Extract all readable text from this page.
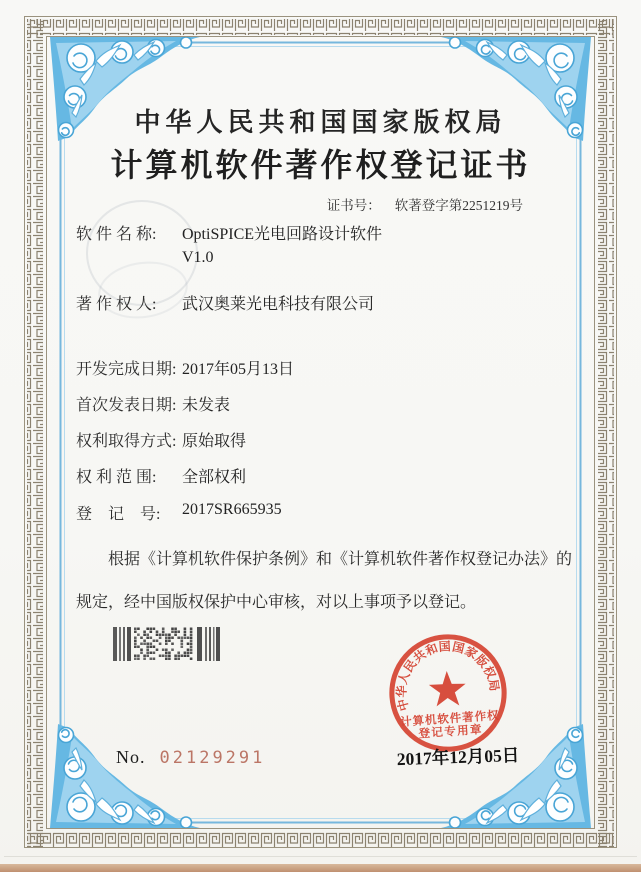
中华人民共和国国家版权局
计算机软件著作权登记证书
证书号： 软著登字第2251219号
软 件 名 称: OptiSPICE光电回路设计软件
V1.0
著 作 权 人: 武汉奥莱光电科技有限公司
开发完成日期: 2017年05月13日
首次发表日期: 未发表
权利取得方式: 原始取得
权 利 范 围: 全部权利
登　记　号: 2017SR665935
根据《计算机软件保护条例》和《计算机软件著作权登记办法》的
规定，经中国版权保护中心审核，对以上事项予以登记。
No. 02129291
中华人民共和国国家版权局
计算机软件著作权
登记专用章
2017年12月05日
